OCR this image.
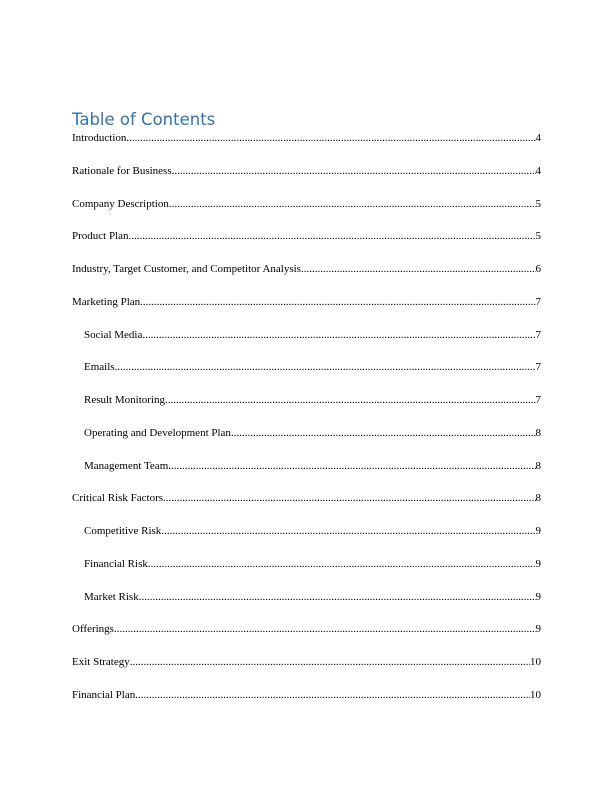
Table of Contents
Introduction .....	4
Rationale for Business .....	4
Company Description .....	5
Product Plan .....	5
Industry, Target Customer, and Competitor Analysis .....	6
Marketing Plan .....	7
Social Media .....	7
Emails .....	7
Result Monitoring .....	7
Operating and Development Plan .....	8
Management Team .....	8
Critical Risk Factors .....	8
Competitive Risk .....	9
Financial Risk .....	9
Market Risk .....	9
Offerings .....	9
Exit Strategy .....	10
Financial Plan .....	10
